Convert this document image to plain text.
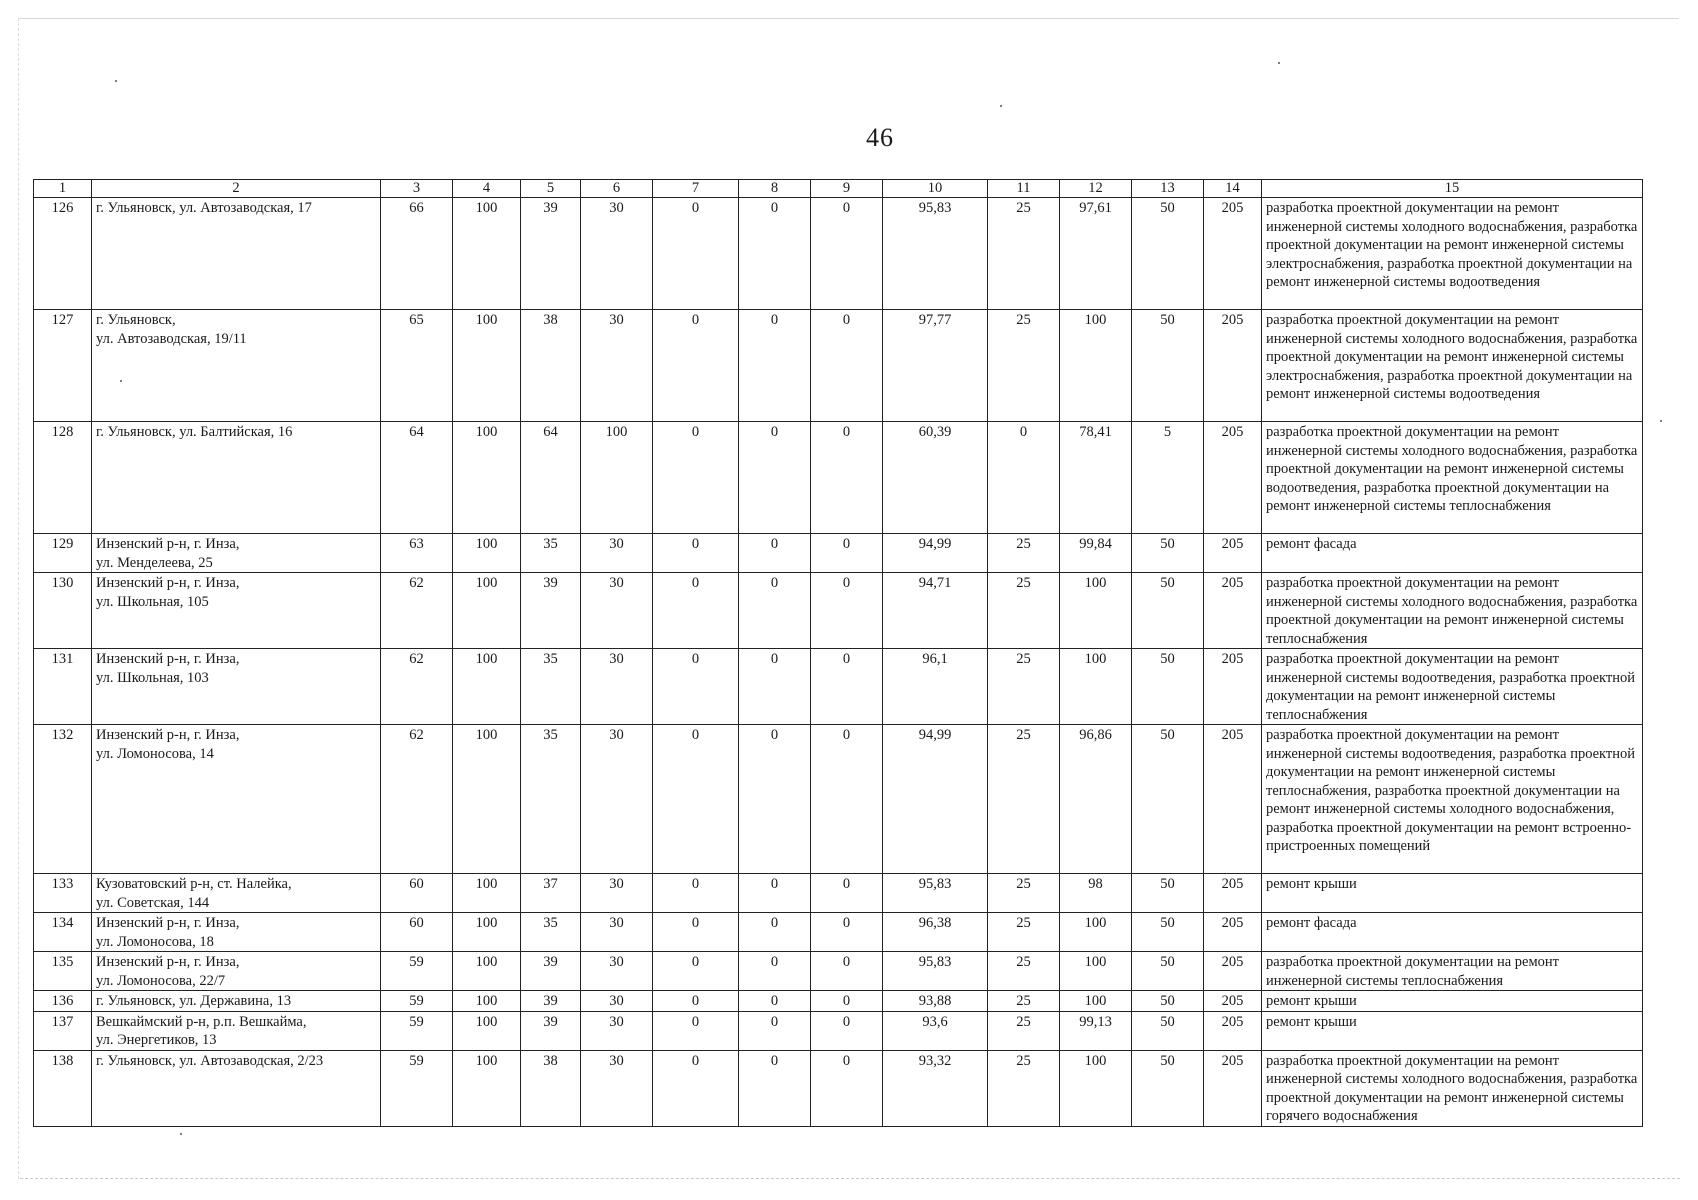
46
1	2	3	4	5	6	7	8	9	10	11	12	13	14	15
126	г. Ульяновск, ул. Автозаводская, 17	66	100	39	30	0	0	0	95,83	25	97,61	50	205	разработка проектной документации на ремонт инженерной системы холодного водоснабжения, разработка проектной документации на ремонт инженерной системы электроснабжения, разработка проектной документации на ремонт инженерной системы водоотведения
127	г. Ульяновск,
ул. Автозаводская, 19/11	65	100	38	30	0	0	0	97,77	25	100	50	205	разработка проектной документации на ремонт инженерной системы холодного водоснабжения, разработка проектной документации на ремонт инженерной системы электроснабжения, разработка проектной документации на ремонт инженерной системы водоотведения
128	г. Ульяновск, ул. Балтийская, 16	64	100	64	100	0	0	0	60,39	0	78,41	5	205	разработка проектной документации на ремонт инженерной системы холодного водоснабжения, разработка проектной документации на ремонт инженерной системы водоотведения, разработка проектной документации на ремонт инженерной системы теплоснабжения
129	Инзенский р-н, г. Инза,
ул. Менделеева, 25	63	100	35	30	0	0	0	94,99	25	99,84	50	205	ремонт фасада
130	Инзенский р-н, г. Инза,
ул. Школьная, 105	62	100	39	30	0	0	0	94,71	25	100	50	205	разработка проектной документации на ремонт инженерной системы холодного водоснабжения, разработка проектной документации на ремонт инженерной системы теплоснабжения
131	Инзенский р-н, г. Инза,
ул. Школьная, 103	62	100	35	30	0	0	0	96,1	25	100	50	205	разработка проектной документации на ремонт инженерной системы водоотведения, разработка проектной документации на ремонт инженерной системы теплоснабжения
132	Инзенский р-н, г. Инза,
ул. Ломоносова, 14	62	100	35	30	0	0	0	94,99	25	96,86	50	205	разработка проектной документации на ремонт инженерной системы водоотведения, разработка проектной документации на ремонт инженерной системы теплоснабжения, разработка проектной документации на ремонт инженерной системы холодного водоснабжения, разработка проектной документации на ремонт встроенно-пристроенных помещений
133	Кузоватовский р-н, ст. Налейка,
ул. Советская, 144	60	100	37	30	0	0	0	95,83	25	98	50	205	ремонт крыши
134	Инзенский р-н, г. Инза,
ул. Ломоносова, 18	60	100	35	30	0	0	0	96,38	25	100	50	205	ремонт фасада
135	Инзенский р-н, г. Инза,
ул. Ломоносова, 22/7	59	100	39	30	0	0	0	95,83	25	100	50	205	разработка проектной документации на ремонт инженерной системы теплоснабжения
136	г. Ульяновск, ул. Державина, 13	59	100	39	30	0	0	0	93,88	25	100	50	205	ремонт крыши
137	Вешкаймский р-н, р.п. Вешкайма,
ул. Энергетиков, 13	59	100	39	30	0	0	0	93,6	25	99,13	50	205	ремонт крыши
138	г. Ульяновск, ул. Автозаводская, 2/23	59	100	38	30	0	0	0	93,32	25	100	50	205	разработка проектной документации на ремонт инженерной системы холодного водоснабжения, разработка проектной документации на ремонт инженерной системы горячего водоснабжения
